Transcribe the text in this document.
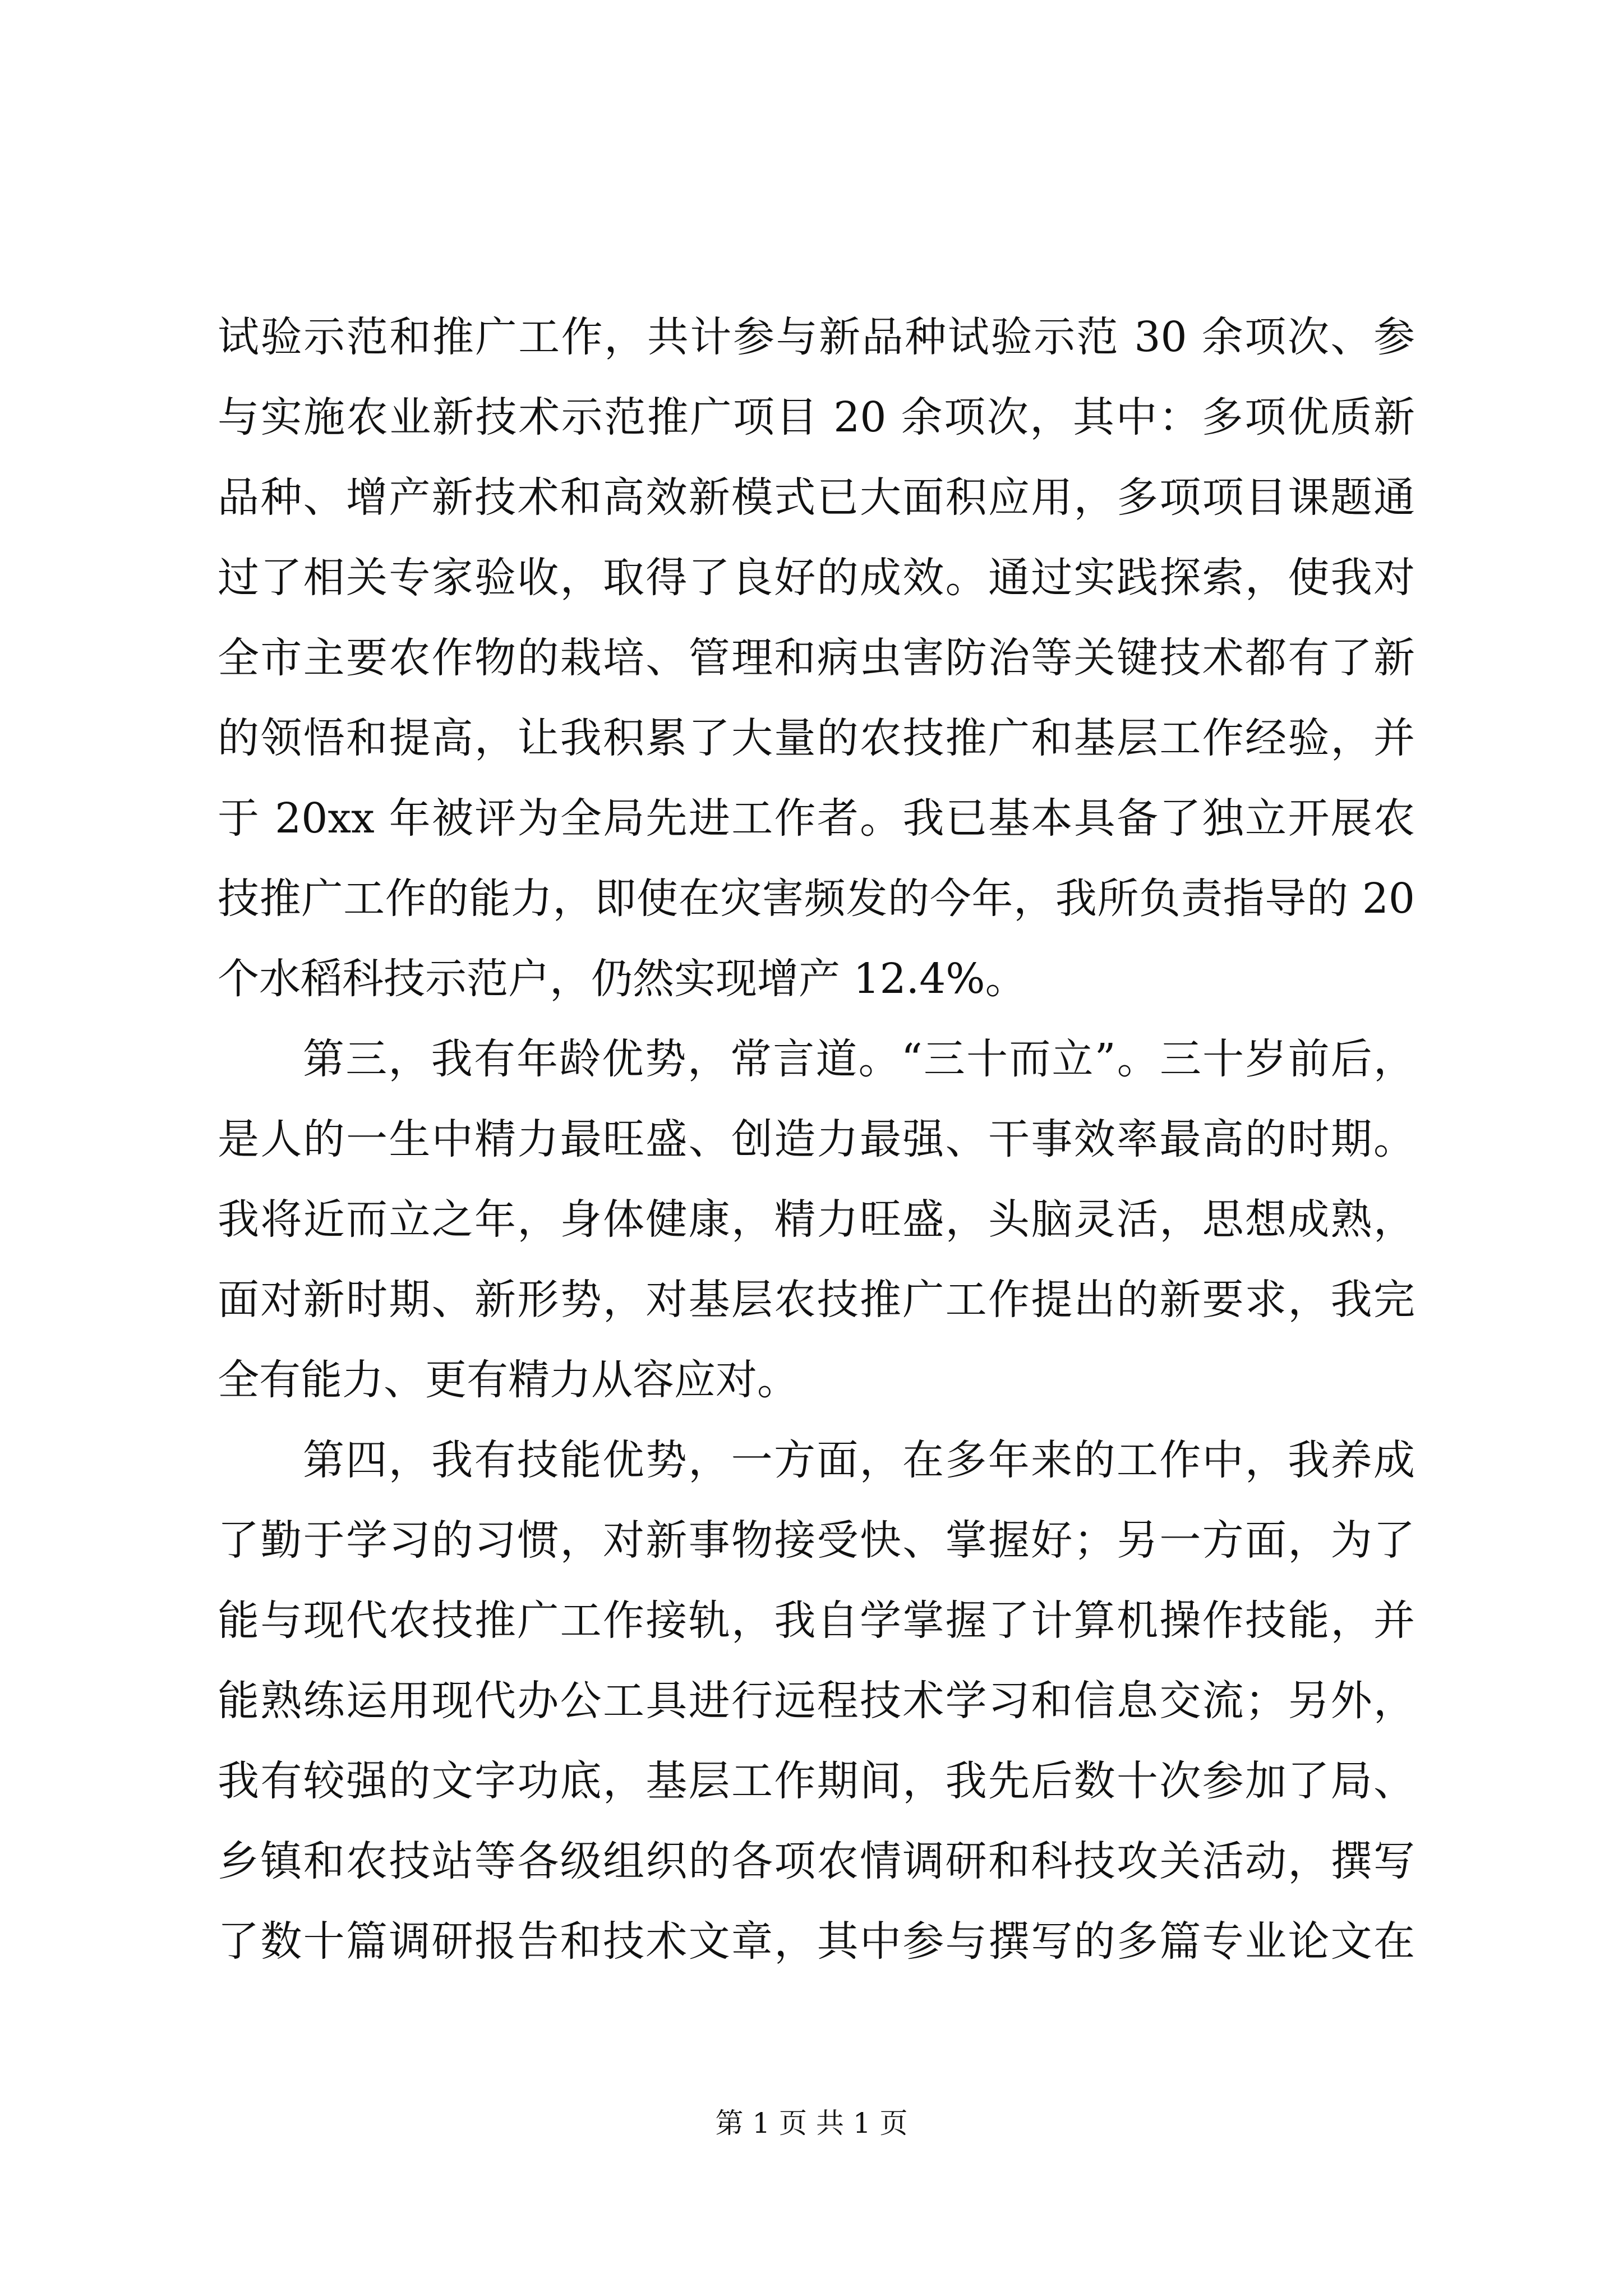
试验示范和推广工作，共计参与新品种试验示范 30 余项次、参
与实施农业新技术示范推广项目 20 余项次，其中：多项优质新
品种、增产新技术和高效新模式已大面积应用，多项项目课题通
过了相关专家验收，取得了良好的成效。通过实践探索，使我对
全市主要农作物的栽培、管理和病虫害防治等关键技术都有了新
的领悟和提高，让我积累了大量的农技推广和基层工作经验，并
于 20xx 年被评为全局先进工作者。我已基本具备了独立开展农
技推广工作的能力，即使在灾害频发的今年，我所负责指导的 20
个水稻科技示范户，仍然实现增产 12.4%。
第三，我有年龄优势，常言道。“三十而立”。三十岁前后，
是人的一生中精力最旺盛、创造力最强、干事效率最高的时期。
我将近而立之年，身体健康，精力旺盛，头脑灵活，思想成熟，
面对新时期、新形势，对基层农技推广工作提出的新要求，我完
全有能力、更有精力从容应对。
第四，我有技能优势，一方面，在多年来的工作中，我养成
了勤于学习的习惯，对新事物接受快、掌握好；另一方面，为了
能与现代农技推广工作接轨，我自学掌握了计算机操作技能，并
能熟练运用现代办公工具进行远程技术学习和信息交流；另外，
我有较强的文字功底，基层工作期间，我先后数十次参加了局、
乡镇和农技站等各级组织的各项农情调研和科技攻关活动，撰写
了数十篇调研报告和技术文章，其中参与撰写的多篇专业论文在
第 1 页 共 1 页
